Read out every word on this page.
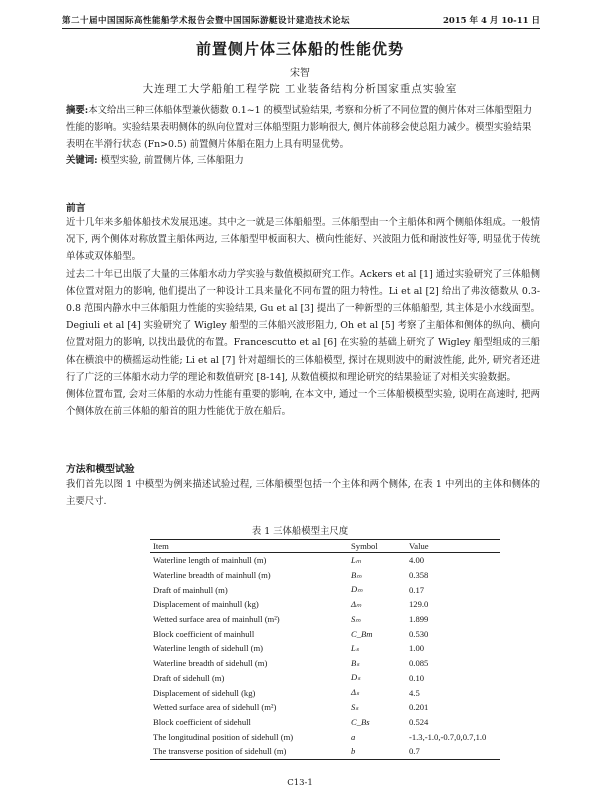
第二十届中国国际高性能船学术报告会暨中国国际游艇设计建造技术论坛	2015 年 4 月 10-11 日
前置侧片体三体船的性能优势
宋智
大连理工大学船舶工程学院 工业装备结构分析国家重点实验室
摘要:本文给出三种三体船体型兼伙德数 0.1~1 的模型试验结果, 考察和分析了不同位置的侧片体对三体船型阻力性能的影响。实验结果表明侧体的纵向位置对三体船型阻力影响很大, 侧片体前移会使总阻力减少。模型实验结果表明在半滑行状态 (Fn>0.5) 前置侧片体船在阻力上具有明显优势。
关键词: 模型实验, 前置侧片体, 三体船阻力
前言

近十几年来多船体船技术发展迅速。其中之一就是三体船船型。三体船型由一个主船体和两个侧船体组成。一般情况下, 两个侧体对称放置主船体两边, 三体船型甲板面积大、横向性能好、兴波阻力低和耐波性好等, 明显优于传统单体或双体船型。

过去二十年已出版了大量的三体船水动力学实验与数值模拟研究工作。Ackers et al [1] 通过实验研究了三体船侧体位置对阻力的影响, 他们提出了一种设计工具来量化不同布置的阻力特性。Li et al [2] 给出了弗汝德数从 0.3-0.8 范围内静水中三体船阻力性能的实验结果, Gu et al [3] 提出了一种新型的三体船船型, 其主体是小水线面型。Degiuli et al [4] 实验研究了 Wigley 船型的三体船兴波形阻力, Oh et al [5] 考察了主船体和侧体的纵向、横向位置对阻力的影响, 以找出最优的布置。Francescutto et al [6] 在实验的基础上研究了 Wigley 船型组成的三船体在横浪中的横摇运动性能; Li et al [7] 针对超细长的三体船模型, 探讨在规则波中的耐波性能, 此外, 研究者还进行了广泛的三体船水动力学的理论和数值研究 [8-14], 从数值模拟和理论研究的结果验证了对相关实验数据。

侧体位置布置, 会对三体船的水动力性能有重要的影响, 在本文中, 通过一个三体船模模型实验, 说明在高速时, 把两个侧体放在前三体船的船首的阻力性能优于放在船后。

方法和模型试验

我们首先以图 1 中模型为例来描述试验过程, 三体船模型包括一个主体和两个侧体, 在表 1 中列出的主体和侧体的主要尺寸.

表 1 三体船模型主尺度
Item	Symbol	Value
Waterline length of mainhull (m)	Lₘ	4.00
Waterline breadth of mainhull (m)	Bₘ	0.358
Draft of mainhull (m)	Dₘ	0.17
Displacement of mainhull (kg)	Δₘ	129.0
Wetted surface area of mainhull (m²)	Sₘ	1.899
Block coefficient of mainhull	C_Bm	0.530
Waterline length of sidehull (m)	Lₛ	1.00
Waterline breadth of sidehull (m)	Bₛ	0.085
Draft of sidehull (m)	Dₛ	0.10
Displacement of sidehull (kg)	Δₛ	4.5
Wetted surface area of sidehull (m²)	Sₛ	0.201
Block coefficient of sidehull	C_Bs	0.524
The longitudinal position of sidehull (m)	a	-1.3,-1.0,-0.7,0,0.7,1.0
The transverse position of sidehull (m)	b	0.7
C13-1
